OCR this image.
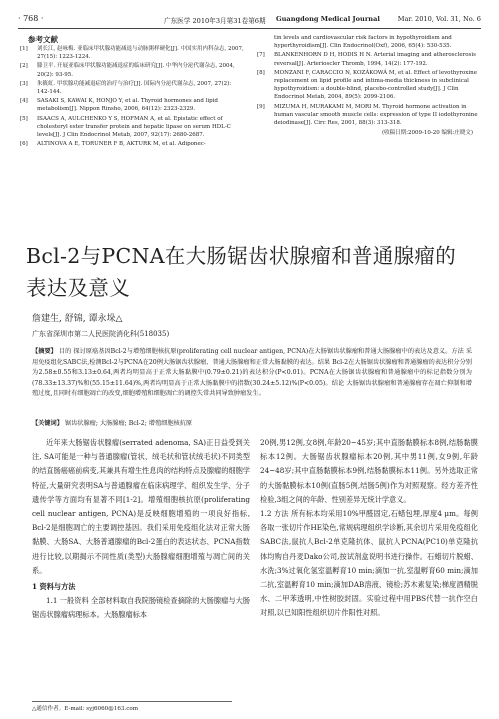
· 768 ·	广东医学 2010年3月第31卷第6期 Guangdong Medical Journal	Mar. 2010, Vol. 31, No. 6
参考文献
[1]	刘长江, 赵咏梅. 亚临床甲状腺功能减退与动脉粥样硬化[J]. 中国实用内科杂志, 2007, 27(15): 1223-1224.
[2]	滕卫平. 开展亚临床甲状腺功能减退症的临床研究[J]. 中华内分泌代谢杂志, 2004, 20(2): 93-95.
[3]	朱筱虹. 甲状腺功能减退症的治疗与治疗[J]. 国际内分泌代谢杂志, 2007, 27(2): 142-144.
[4]	SASAKI S, KAWAI K, HONJO Y, et al. Thyroid hormones and lipid metabolism[J]. Nippon Rinsho, 2006, 64(12): 2323-2329.
[5]	ISAACS A, AULCHENKO Y S, HOFMAN A, et al. Epistatic effect of cholesteryl ester transfer protein and hepatic lipase on serum HDL-C levels[J]. J Clin Endocrinol Metab, 2007, 92(17): 2680-2687.
[6]	ALTINOVA A E, TORUNER F B, AKTURK M, et al. Adiponec-
tin levels and cardiovascular risk factors in hypothyroidism and hyperthyroidism[J]. Clin Endocrinol(Oxf), 2006, 65(4): 530-535.
[7]	BLANKENHORN D H, HODIS H N. Arterial imaging and atherosclerosis reversal[J]. Arterioscler Thromb, 1994, 14(2): 177-192.
[8]	MONZANI F, CARACCIO N, KOZÁKOWÁ M, et al. Effect of levothyroxine replacement on lipid profile and intima-media thickness in subclinical hypothyroidism: a double-blind, placebo-controlled study[J]. J Clin Endocrinol Metab, 2004, 89(5): 2099-2106.
[9]	MIZUMA H, MURAKAMI M, MORI M. Thyroid hormone activation in human vascular smooth muscle cells: expression of type II iodothyronine deiodinase[J]. Circ Res, 2001, 88(3): 313-318.
(收稿日期:2009-10-20 编辑:庄晓文)
Bcl-2与PCNA在大肠锯齿状腺瘤和普通腺瘤的表达及意义
詹建生, 舒锦, 谭永垛△
广东省深圳市第二人民医院消化科(518035)
【摘要】 目的 探讨原癌基因Bcl-2与增殖细胞核抗原(proliferating cell nuclear antigen, PCNA)在大肠锯齿状腺瘤和普通大肠腺瘤中的表达及意义。方法 采用免疫组化SABC法,检测Bcl-2与PCNA在20例大肠锯齿状腺瘤、普通大肠腺瘤和正常大肠黏膜的表达。结果 Bcl-2在大肠锯齿状腺瘤和普通腺瘤的表达积分分别为2.58±0.55和3.13±0.64,两者均明显高于正常大肠黏膜中(0.79±0.21)的表达积分(P<0.01)。PCNA在大肠锯齿状腺瘤和普通腺瘤中的标记指数分别为(78.33±13.37)%和(55.15±11.64)%,两者均明显高于正常大肠黏膜中的指数(30.24±5.12)%(P<0.05)。结论 大肠锯齿状腺瘤和普通腺瘤存在凋亡抑制和增殖过度,且同时有细胞凋亡的改变,细胞增殖和细胞凋亡的调控失常共同导致肿瘤发生。
【关键词】 锯齿状腺瘤; 大肠腺瘤; Bcl-2; 增殖细胞核抗原

近年来大肠锯齿状腺瘤(serrated adenoma, SA)正日益受到关注, SA可能是一种与普通腺瘤(管状、绒毛状和管状绒毛状)不同类型的结直肠癌癌前病变,其兼具有增生性息肉的结构特点及腺瘤的细胞学特征,大量研究表明SA与普通腺瘤在临床病理学、组织发生学、分子遗传学等方面均有显著不同[1-2]。增殖细胞核抗原(proliferating cell nuclear antigen, PCNA)是反映细胞增殖的一项良好指标, Bcl-2是细胞凋亡的主要调控基因。我们采用免疫组化法对正常大肠黏膜、大肠SA、大肠普通腺瘤的Bcl-2蛋白的表达状态、PCNA指数进行比较,以期揭示不同性质(类型)大肠腺瘤细胞增殖与凋亡间的关系。

1 资料与方法

1.1 一般资料 全部材料取自我院肠镜检查摘除的大肠腺瘤与大肠锯齿状腺瘤病理标本。大肠腺瘤标本

20例,男12例,女8例,年龄20~45岁;其中直肠黏膜标本8例,结肠黏膜标本12例。大肠锯齿状腺瘤标本20例,其中男11例,女9例,年龄24~48岁;其中直肠黏膜标本9例,结肠黏膜标本11例。另外选取正常的大肠黏膜标本10例(直肠5例,结肠5例)作为对照观察。经方差齐性检验,3组之间的年龄、性别差异无统计学意义。
1.2 方法 所有标本均采用10%甲醛固定,石蜡包埋,厚度4 μm。每例各取一张切片作HE染色,常规病理组织学诊断,其余切片采用免疫组化SABC法,鼠抗人Bcl-2单克隆抗体、鼠抗人PCNA(PC10)单克隆抗体均购自丹麦Dako公司,按试剂盒说明书进行操作。石蜡切片脱蜡、水洗;3%过氧化氢室温孵育10 min;滴加一抗,室温孵育60 min;滴加二抗,室温孵育10 min;滴加DAB溶液、镜检;苏木素复染;梯度酒精脱水、二甲苯透明,中性树胶封固。实验过程中用PBS代替一抗作空白对照,以已知阳性组织切片作阳性对照。

△通信作者。E-mail: syj6060@163.com
